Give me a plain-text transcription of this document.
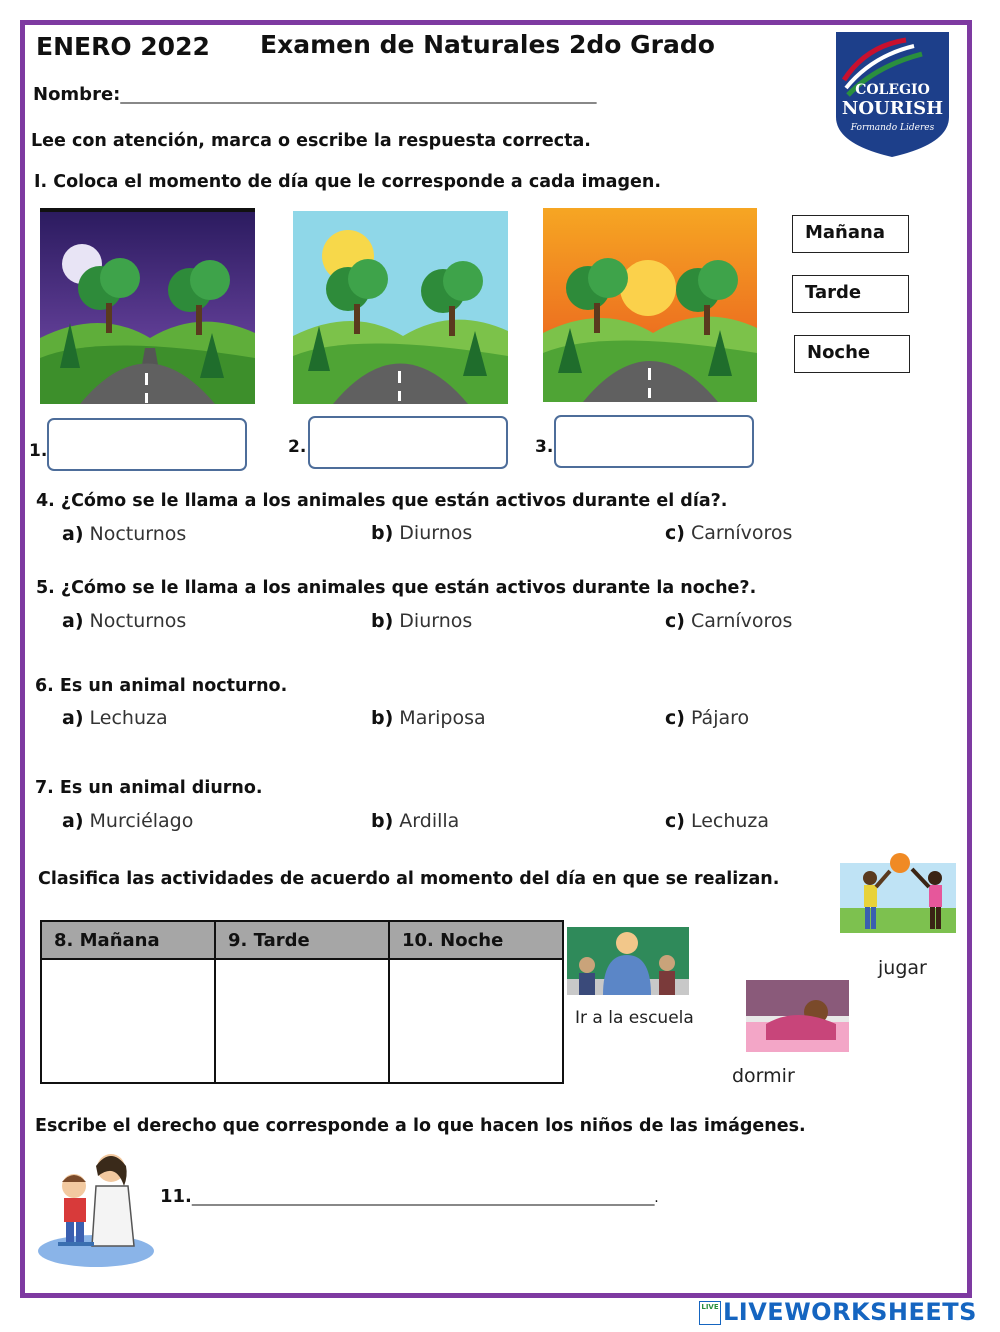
ENERO 2022 Examen de Naturales 2do Grado
Nombre:______________________________________________________________________	COLEGIO
NOURISH
Formando Lideres
Lee con atención, marca o escribe la respuesta correcta.
I. Coloca el momento de día que le corresponde a cada imagen.
Mañana
Tarde
Noche
1.	2.	3.
4. ¿Cómo se le llama a los animales que están activos durante el día?.
a) Nocturnos	b) Diurnos	c) Carnívoros
5. ¿Cómo se le llama a los animales que están activos durante la noche?.
a) Nocturnos	b) Diurnos	c) Carnívoros
6. Es un animal nocturno.
a) Lechuza	b) Mariposa	c) Pájaro
7. Es un animal diurno.
a) Murciélago	b) Ardilla	c) Lechuza
Clasifica las actividades de acuerdo al momento del día en que se realizan.
8. Mañana	9. Tarde	10. Noche

jugar
Ir a la escuela
dormir
Escribe el derecho que corresponde a lo que hacen los niños de las imágenes.
11.____________________________________________________________________.
LIVE LIVEWORKSHEETS
